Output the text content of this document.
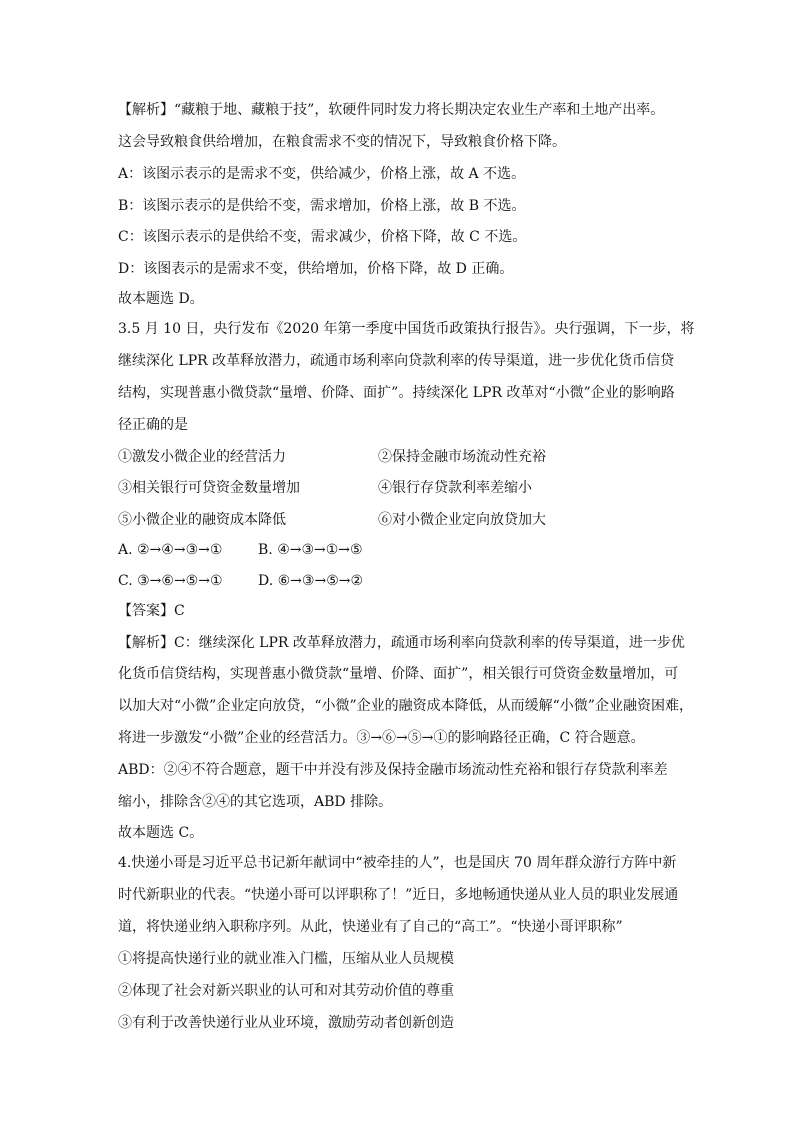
【解析】“藏粮于地、藏粮于技”，软硬件同时发力将长期决定农业生产率和土地产出率。
这会导致粮食供给增加，在粮食需求不变的情况下，导致粮食价格下降。
A：该图示表示的是需求不变，供给减少，价格上涨，故 A 不选。
B：该图示表示的是供给不变，需求增加，价格上涨，故 B 不选。
C：该图示表示的是供给不变，需求减少，价格下降，故 C 不选。
D：该图表示的是需求不变，供给增加，价格下降，故 D 正确。
故本题选 D。
3.5 月 10 日，央行发布《2020 年第一季度中国货币政策执行报告》。央行强调，下一步，将
继续深化 LPR 改革释放潜力，疏通市场利率向贷款利率的传导渠道，进一步优化货币信贷
结构，实现普惠小微贷款“量增、价降、面扩”。持续深化 LPR 改革对“小微”企业的影响路
径正确的是
①激发小微企业的经营活力	②保持金融市场流动性充裕
③相关银行可贷资金数量增加	④银行存贷款利率差缩小
⑤小微企业的融资成本降低	⑥对小微企业定向放贷加大
A. ②→④→③→①	B. ④→③→①→⑤
C. ③→⑥→⑤→①	D. ⑥→③→⑤→②
【答案】C
【解析】C：继续深化 LPR 改革释放潜力，疏通市场利率向贷款利率的传导渠道，进一步优
化货币信贷结构，实现普惠小微贷款“量增、价降、面扩”，相关银行可贷资金数量增加，可
以加大对“小微”企业定向放贷，“小微”企业的融资成本降低，从而缓解“小微”企业融资困难，
将进一步激发“小微”企业的经营活力。③→⑥→⑤→①的影响路径正确，C 符合题意。
ABD：②④不符合题意，题干中并没有涉及保持金融市场流动性充裕和银行存贷款利率差
缩小，排除含②④的其它选项，ABD 排除。
故本题选 C。
4.快递小哥是习近平总书记新年献词中“被牵挂的人”，也是国庆 70 周年群众游行方阵中新
时代新职业的代表。“快递小哥可以评职称了！”近日，多地畅通快递从业人员的职业发展通
道，将快递业纳入职称序列。从此，快递业有了自己的“高工”。“快递小哥评职称”
①将提高快递行业的就业准入门槛，压缩从业人员规模
②体现了社会对新兴职业的认可和对其劳动价值的尊重
③有利于改善快递行业从业环境，激励劳动者创新创造
